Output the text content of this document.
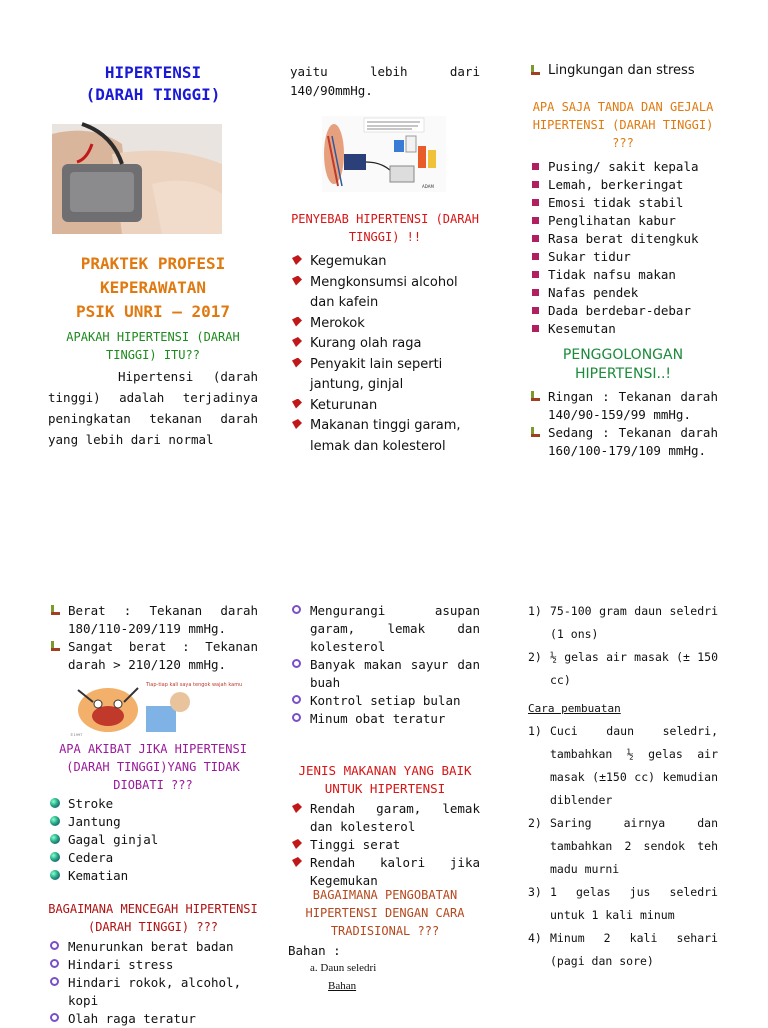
HIPERTENSI
(DARAH TINGGI)
PRAKTEK PROFESI
KEPERAWATAN
PSIK UNRI – 2017
APAKAH HIPERTENSI (DARAH TINGGI) ITU??
Hipertensi (darah tinggi) adalah terjadinya peningkatan tekanan darah yang lebih dari normal
yaitu lebih dari 140/90mmHg.
ADAM
PENYEBAB HIPERTENSI (DARAH TINGGI) !!
Kegemukan
Mengkonsumsi alcohol dan kafein
Merokok
Kurang olah raga
Penyakit lain seperti jantung, ginjal
Keturunan
Makanan tinggi garam, lemak dan kolesterol
Lingkungan dan stress
APA SAJA TANDA DAN GEJALA HIPERTENSI (DARAH TINGGI) ???
Pusing/ sakit kepala
Lemah, berkeringat
Emosi tidak stabil
Penglihatan kabur
Rasa berat ditengkuk
Sukar tidur
Tidak nafsu makan
Nafas pendek
Dada berdebar-debar
Kesemutan
PENGGOLONGAN HIPERTENSI..!
Ringan : Tekanan darah 140/90-159/99 mmHg.
Sedang : Tekanan darah 160/100-179/109 mmHg.
Berat : Tekanan darah 180/110-209/119 mmHg.
Sangat berat : Tekanan darah > 210/120 mmHg.
Tiap-tiap kali saya tengok wajah kamu
©1997
APA AKIBAT JIKA HIPERTENSI (DARAH TINGGI)YANG TIDAK DIOBATI ???
Stroke
Jantung
Gagal ginjal
Cedera
Kematian
BAGAIMANA MENCEGAH HIPERTENSI (DARAH TINGGI) ???
Menurunkan berat badan
Hindari stress
Hindari rokok, alcohol, kopi
Olah raga teratur
Mengurangi asupan garam, lemak dan kolesterol
Banyak makan sayur dan buah
Kontrol setiap bulan
Minum obat teratur
JENIS MAKANAN YANG BAIK UNTUK HIPERTENSI
Rendah garam, lemak dan kolesterol
Tinggi serat
Rendah kalori jika Kegemukan
BAGAIMANA PENGOBATAN HIPERTENSI DENGAN CARA TRADISIONAL ???
Bahan :
a. Daun seledri
Bahan
1) 75-100 gram daun seledri (1 ons)
2) ½ gelas air masak (± 150 cc)
Cara pembuatan
1) Cuci daun seledri, tambahkan ½ gelas air masak (±150 cc) kemudian diblender
2) Saring airnya dan tambahkan 2 sendok teh madu murni
3) 1 gelas jus seledri untuk 1 kali minum
4) Minum 2 kali sehari (pagi dan sore)
